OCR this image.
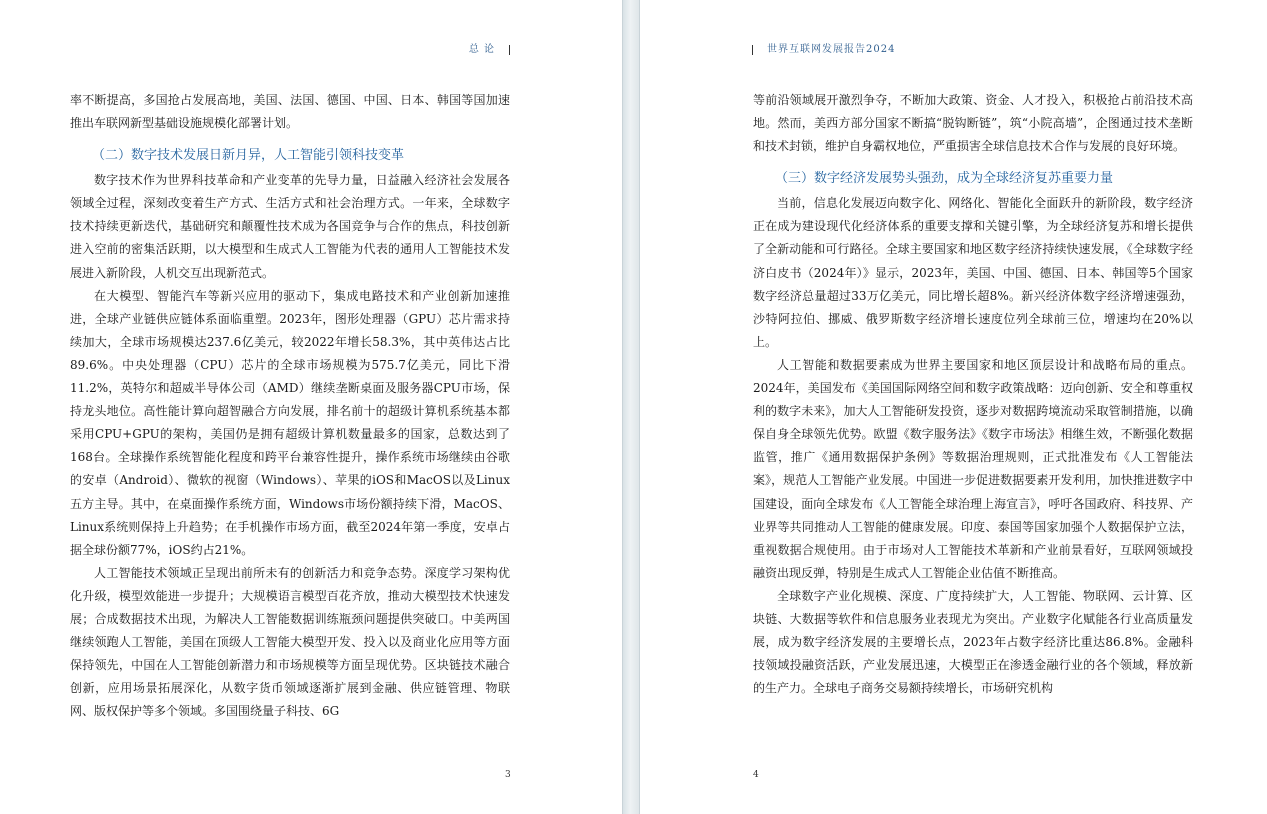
总 论

率不断提高，多国抢占发展高地，美国、法国、德国、中国、日本、韩国等国加速推出车联网新型基础设施规模化部署计划。

（二）数字技术发展日新月异，人工智能引领科技变革

数字技术作为世界科技革命和产业变革的先导力量，日益融入经济社会发展各领域全过程，深刻改变着生产方式、生活方式和社会治理方式。一年来，全球数字技术持续更新迭代，基础研究和颠覆性技术成为各国竞争与合作的焦点，科技创新进入空前的密集活跃期，以大模型和生成式人工智能为代表的通用人工智能技术发展进入新阶段，人机交互出现新范式。

在大模型、智能汽车等新兴应用的驱动下，集成电路技术和产业创新加速推进，全球产业链供应链体系面临重塑。2023年，图形处理器（GPU）芯片需求持续加大，全球市场规模达237.6亿美元，较2022年增长58.3%，其中英伟达占比89.6%。中央处理器（CPU）芯片的全球市场规模为575.7亿美元，同比下滑11.2%，英特尔和超威半导体公司（AMD）继续垄断桌面及服务器CPU市场，保持龙头地位。高性能计算向超智融合方向发展，排名前十的超级计算机系统基本都采用CPU+GPU的架构，美国仍是拥有超级计算机数量最多的国家，总数达到了168台。全球操作系统智能化程度和跨平台兼容性提升，操作系统市场继续由谷歌的安卓（Android）、微软的视窗（Windows）、苹果的iOS和MacOS以及Linux五方主导。其中，在桌面操作系统方面，Windows市场份额持续下滑，MacOS、Linux系统则保持上升趋势；在手机操作市场方面，截至2024年第一季度，安卓占据全球份额77%，iOS约占21%。

人工智能技术领域正呈现出前所未有的创新活力和竞争态势。深度学习架构优化升级，模型效能进一步提升；大规模语言模型百花齐放，推动大模型技术快速发展；合成数据技术出现，为解决人工智能数据训练瓶颈问题提供突破口。中美两国继续领跑人工智能，美国在顶级人工智能大模型开发、投入以及商业化应用等方面保持领先，中国在人工智能创新潜力和市场规模等方面呈现优势。区块链技术融合创新，应用场景拓展深化，从数字货币领域逐渐扩展到金融、供应链管理、物联网、版权保护等多个领域。多国围绕量子科技、6G

3
世界互联网发展报告2024

等前沿领域展开激烈争夺，不断加大政策、资金、人才投入，积极抢占前沿技术高地。然而，美西方部分国家不断搞“脱钩断链”，筑“小院高墙”，企图通过技术垄断和技术封锁，维护自身霸权地位，严重损害全球信息技术合作与发展的良好环境。

（三）数字经济发展势头强劲，成为全球经济复苏重要力量

当前，信息化发展迈向数字化、网络化、智能化全面跃升的新阶段，数字经济正在成为建设现代化经济体系的重要支撑和关键引擎，为全球经济复苏和增长提供了全新动能和可行路径。全球主要国家和地区数字经济持续快速发展，《全球数字经济白皮书（2024年）》显示，2023年，美国、中国、德国、日本、韩国等5个国家数字经济总量超过33万亿美元，同比增长超8%。新兴经济体数字经济增速强劲，沙特阿拉伯、挪威、俄罗斯数字经济增长速度位列全球前三位，增速均在20%以上。

人工智能和数据要素成为世界主要国家和地区顶层设计和战略布局的重点。2024年，美国发布《美国国际网络空间和数字政策战略：迈向创新、安全和尊重权利的数字未来》，加大人工智能研发投资，逐步对数据跨境流动采取管制措施，以确保自身全球领先优势。欧盟《数字服务法》《数字市场法》相继生效，不断强化数据监管，推广《通用数据保护条例》等数据治理规则，正式批准发布《人工智能法案》，规范人工智能产业发展。中国进一步促进数据要素开发利用，加快推进数字中国建设，面向全球发布《人工智能全球治理上海宣言》，呼吁各国政府、科技界、产业界等共同推动人工智能的健康发展。印度、泰国等国家加强个人数据保护立法，重视数据合规使用。由于市场对人工智能技术革新和产业前景看好，互联网领域投融资出现反弹，特别是生成式人工智能企业估值不断推高。

全球数字产业化规模、深度、广度持续扩大，人工智能、物联网、云计算、区块链、大数据等软件和信息服务业表现尤为突出。产业数字化赋能各行业高质量发展，成为数字经济发展的主要增长点，2023年占数字经济比重达86.8%。金融科技领域投融资活跃，产业发展迅速，大模型正在渗透金融行业的各个领域，释放新的生产力。全球电子商务交易额持续增长，市场研究机构

4
